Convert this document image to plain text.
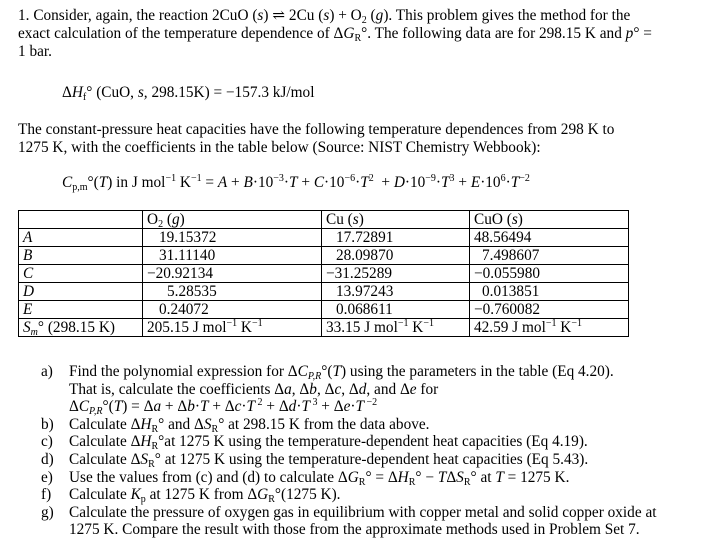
1. Consider, again, the reaction 2CuO (s) ⇌ 2Cu $(s) + O_2$ (g). This problem gives the method for the
exact calculation of the temperature dependence of $\Delta G_R^\circ$. The following data are for 298.15 K and p° =
1 bar.
$\Delta H_f^\circ$ (CuO, s, 298.15K) = −157.3 kJ/mol
The constant-pressure heat capacities have the following temperature dependences from 298 K to
1275 K, with the coefficients in the table below (Source: NIST Chemistry Webbook):
$C_{p,m}^\circ(T)$ in J mol$^{-1}$ $K^{-1} = A + B\cdot 10^{-3}\cdot T + C\cdot 10^{-6}\cdot T^2 + D\cdot 10^{-9}\cdot T^3 + E\cdot 10^6\cdot T^{-2}$
	$O_2$ (g)	Cu (s)	CuO (s)
A	19.15372	17.72891	48.56494
B	31.11140	28.09870	7.498607
C	−20.92134	−31.25289	−0.055980
D	5.28535	13.97243	0.013851
E	0.24072	0.068611	−0.760082
$S_m^\circ$ (298.15 K)	205.15 J mol$^{-1}$ $K^{-1}$	33.15 J mol$^{-1}$ $K^{-1}$	42.59 J mol$^{-1}$ $K^{-1}$
a) Find the polynomial expression for $\Delta C_{P,R}^\circ(T)$ using the parameters in the table (Eq 4.20).
That is, calculate the coefficients Δa, Δb, Δc, Δd, and Δe for
$\Delta C_{P,R}^\circ(T) = \Delta a + \Delta b\cdot T + \Delta c\cdot T$ $^2$ + Δd·T $^3$ + Δe·T $^{-2}$
b) Calculate $\Delta H_R^\circ$ and $\Delta S_R^\circ$ at 298.15 K from the data above.
c) Calculate $\Delta H_R^\circ at$ 1275 K using the temperature-dependent heat capacities (Eq 4.19).
d) Calculate $\Delta S_R^\circ$ at 1275 K using the temperature-dependent heat capacities (Eq 5.43).
e) Use the values from (c) and (d) to calculate $\Delta G_R^\circ = \Delta H_R^\circ - T\Delta S_R^\circ$ at T = 1275 K.
f) Calculate $K_p$ at 1275 K from $\Delta G_R^\circ(1275$ K).
g) Calculate the pressure of oxygen gas in equilibrium with copper metal and solid copper oxide at
1275 K. Compare the result with those from the approximate methods used in Problem Set 7.
